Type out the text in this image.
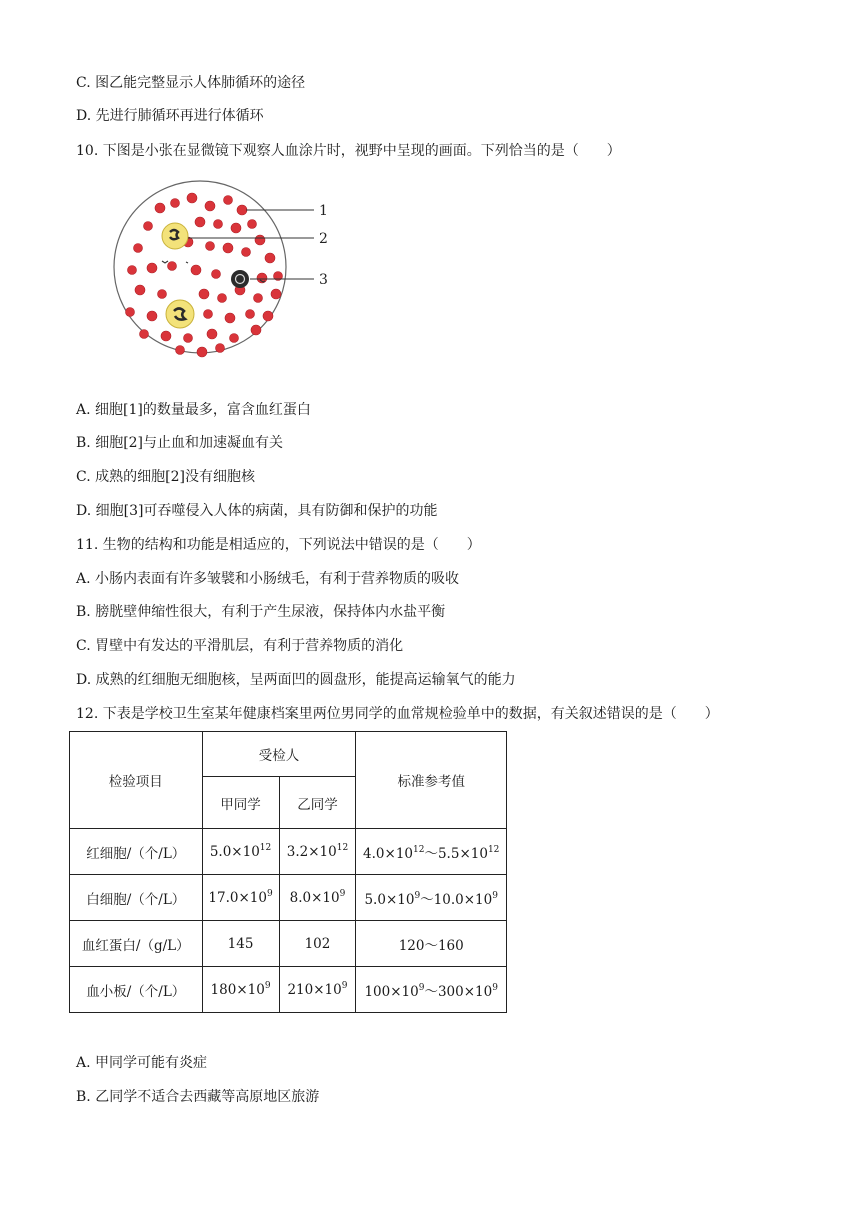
C. 图乙能完整显示人体肺循环的途径
D. 先进行肺循环再进行体循环
10. 下图是小张在显微镜下观察人血涂片时，视野中呈现的画面。下列恰当的是（　　）
1
2
3
A. 细胞[1]的数量最多，富含血红蛋白
B. 细胞[2]与止血和加速凝血有关
C. 成熟的细胞[2]没有细胞核
D. 细胞[3]可吞噬侵入人体的病菌，具有防御和保护的功能
11. 生物的结构和功能是相适应的，下列说法中错误的是（　　）
A. 小肠内表面有许多皱襞和小肠绒毛，有利于营养物质的吸收
B. 膀胱壁伸缩性很大，有利于产生尿液，保持体内水盐平衡
C. 胃壁中有发达的平滑肌层，有利于营养物质的消化
D. 成熟的红细胞无细胞核，呈两面凹的圆盘形，能提高运输氧气的能力
12. 下表是学校卫生室某年健康档案里两位男同学的血常规检验单中的数据，有关叙述错误的是（　　）
检验项目	受检人		标准参考值
	甲同学	乙同学	
红细胞/（个/L）	$5.0\times 10^{12}$	$3.2\times 10^{12}$	$4.0\times 10^{12}\sim 5.5\times 10^{12}$
白细胞/（个/L）	$17.0\times 10^9$	$8.0\times 10^9$	$5.0\times 10^9\sim 10.0\times 10^9$
血红蛋白/（g/L）	145	102	120～160
血小板/（个/L）	$180\times 10^9$	$210\times 10^9$	$100\times 10^9\sim 300\times 10^9$
A. 甲同学可能有炎症
B. 乙同学不适合去西藏等高原地区旅游
